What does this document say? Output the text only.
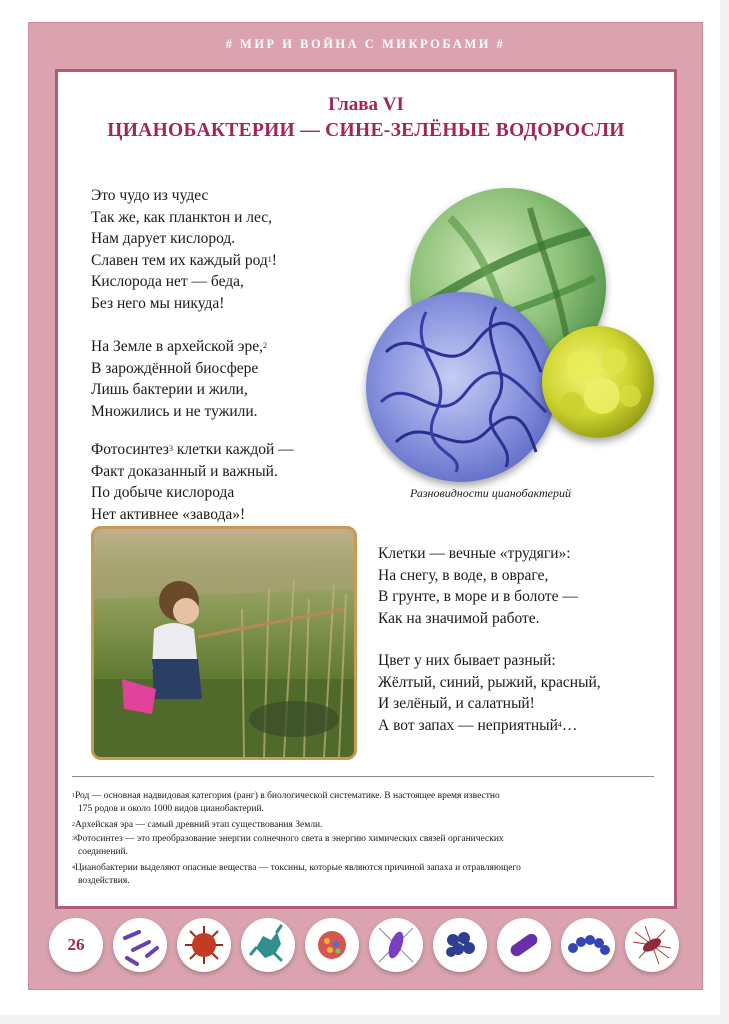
# МИР И ВОЙНА С МИКРОБАМИ #
Глава VI
ЦИАНОБАКТЕРИИ — СИНЕ-ЗЕЛЁНЫЕ ВОДОРОСЛИ
Это чудо из чудес
Так же, как планктон и лес,
Нам дарует кислород.
Славен тем их каждый род$^1$!
Кислорода нет — беда,
Без него мы никуда!
На Земле в архейской эре,$^2$
В зарождённой биосфере
Лишь бактерии и жили,
Множились и не тужили.
Фотосинтез$^3$ клетки каждой —
Факт доказанный и важный.
По добыче кислорода
Нет активнее «завода»!
Разновидности цианобактерий
Клетки — вечные «трудяги»:
На снегу, в воде, в овраге,
В грунте, в море и в болоте —
Как на значимой работе.
Цвет у них бывает разный:
Жёлтый, синий, рыжий, красный,
И зелёный, и салатный!
А вот запах — неприятный$^4$…
$^1$Род — основная надвидовая категория (ранг) в биологической систематике. В настоящее время известно
175 родов и около 1000 видов цианобактерий.
$^2$Архейская эра — самый древний этап существования Земли.
$^3$Фотосинтез — это преобразование энергии солнечного света в энергию химических связей органических
соединений.
$^4$Цианобактерии выделяют опасные вещества — токсины, которые являются причиной запаха и отравляющего
воздействия.
26
